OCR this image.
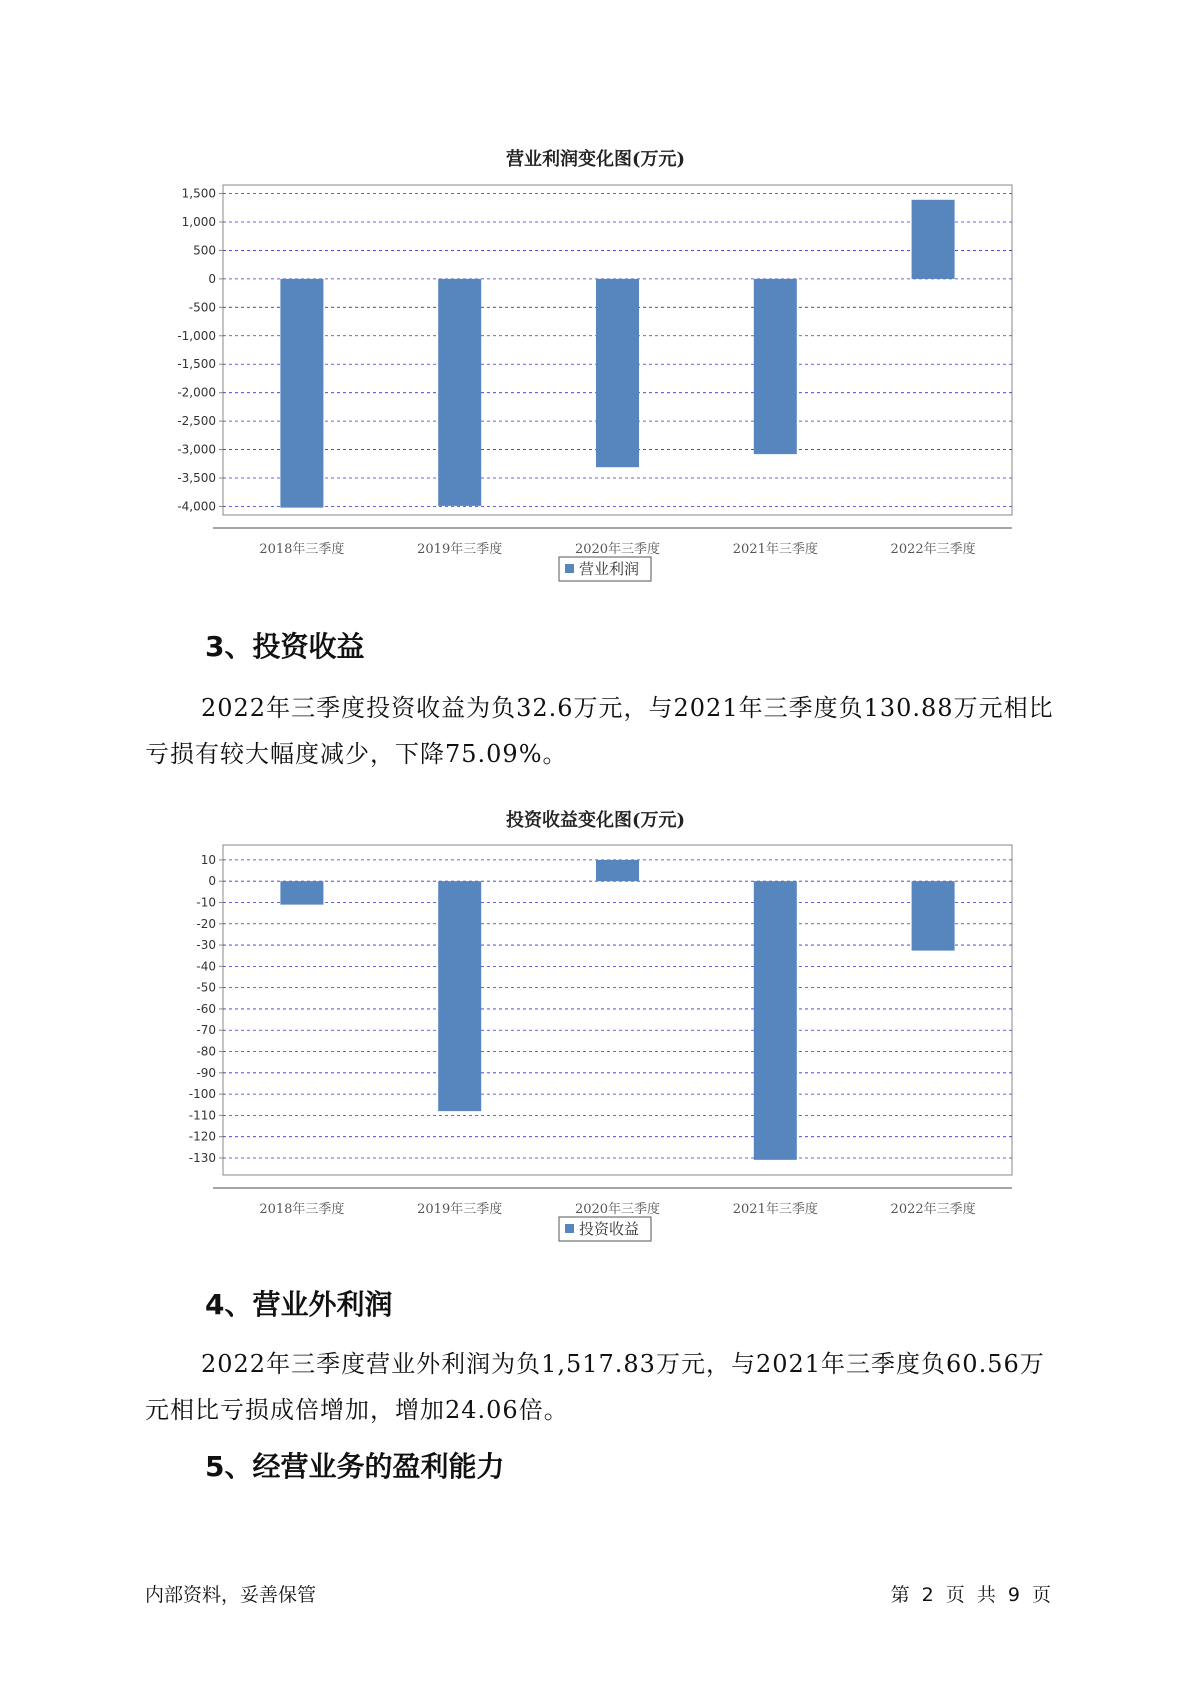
营业利润变化图(万元)
1,500
1,000
500
0
-500
-1,000
-1,500
-2,000
-2,500
-3,000
-3,500
-4,000
2018年三季度	2019年三季度	2020年三季度	2021年三季度	2022年三季度
营业利润
3、投资收益
2022年三季度投资收益为负32.6万元，与2021年三季度负130.88万元相比亏损有较大幅度减少，下降75.09%。
投资收益变化图(万元)
10
0
-10
-20
-30
-40
-50
-60
-70
-80
-90
-100
-110
-120
-130
2018年三季度	2019年三季度	2020年三季度	2021年三季度	2022年三季度
投资收益
4、营业外利润
2022年三季度营业外利润为负1,517.83万元，与2021年三季度负60.56万元相比亏损成倍增加，增加24.06倍。
5、经营业务的盈利能力
内部资料，妥善保管	第 2 页 共 9 页
